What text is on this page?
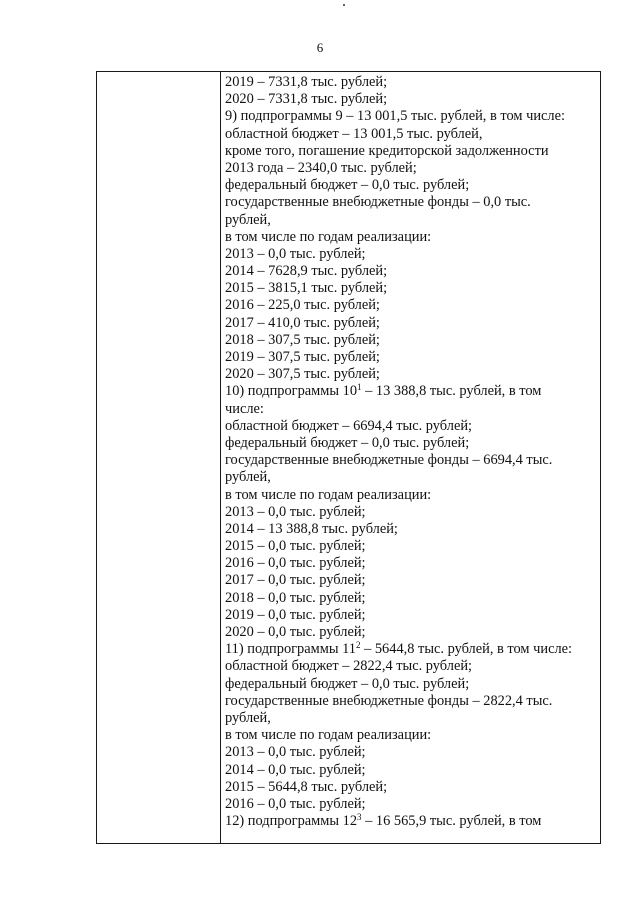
6
2019 – 7331,8 тыс. рублей;
2020 – 7331,8 тыс. рублей;
9) подпрограммы 9 – 13 001,5 тыс. рублей, в том числе:
областной бюджет – 13 001,5 тыс. рублей,
кроме того, погашение кредиторской задолженности
2013 года – 2340,0 тыс. рублей;
федеральный бюджет – 0,0 тыс. рублей;
государственные внебюджетные фонды – 0,0 тыс.
рублей,
в том числе по годам реализации:
2013 – 0,0 тыс. рублей;
2014 – 7628,9 тыс. рублей;
2015 – 3815,1 тыс. рублей;
2016 – 225,0 тыс. рублей;
2017 – 410,0 тыс. рублей;
2018 – 307,5 тыс. рублей;
2019 – 307,5 тыс. рублей;
2020 – 307,5 тыс. рублей;
10) подпрограммы $10^1 - 13$ 388,8 тыс. рублей, в том
числе:
областной бюджет – 6694,4 тыс. рублей;
федеральный бюджет – 0,0 тыс. рублей;
государственные внебюджетные фонды – 6694,4 тыс.
рублей,
в том числе по годам реализации:
2013 – 0,0 тыс. рублей;
2014 – 13 388,8 тыс. рублей;
2015 – 0,0 тыс. рублей;
2016 – 0,0 тыс. рублей;
2017 – 0,0 тыс. рублей;
2018 – 0,0 тыс. рублей;
2019 – 0,0 тыс. рублей;
2020 – 0,0 тыс. рублей;
11) подпрограммы $11^2 - 5644,8$ тыс. рублей, в том числе:
областной бюджет – 2822,4 тыс. рублей;
федеральный бюджет – 0,0 тыс. рублей;
государственные внебюджетные фонды – 2822,4 тыс.
рублей,
в том числе по годам реализации:
2013 – 0,0 тыс. рублей;
2014 – 0,0 тыс. рублей;
2015 – 5644,8 тыс. рублей;
2016 – 0,0 тыс. рублей;
12) подпрограммы $12^3 - 16$ 565,9 тыс. рублей, в том
